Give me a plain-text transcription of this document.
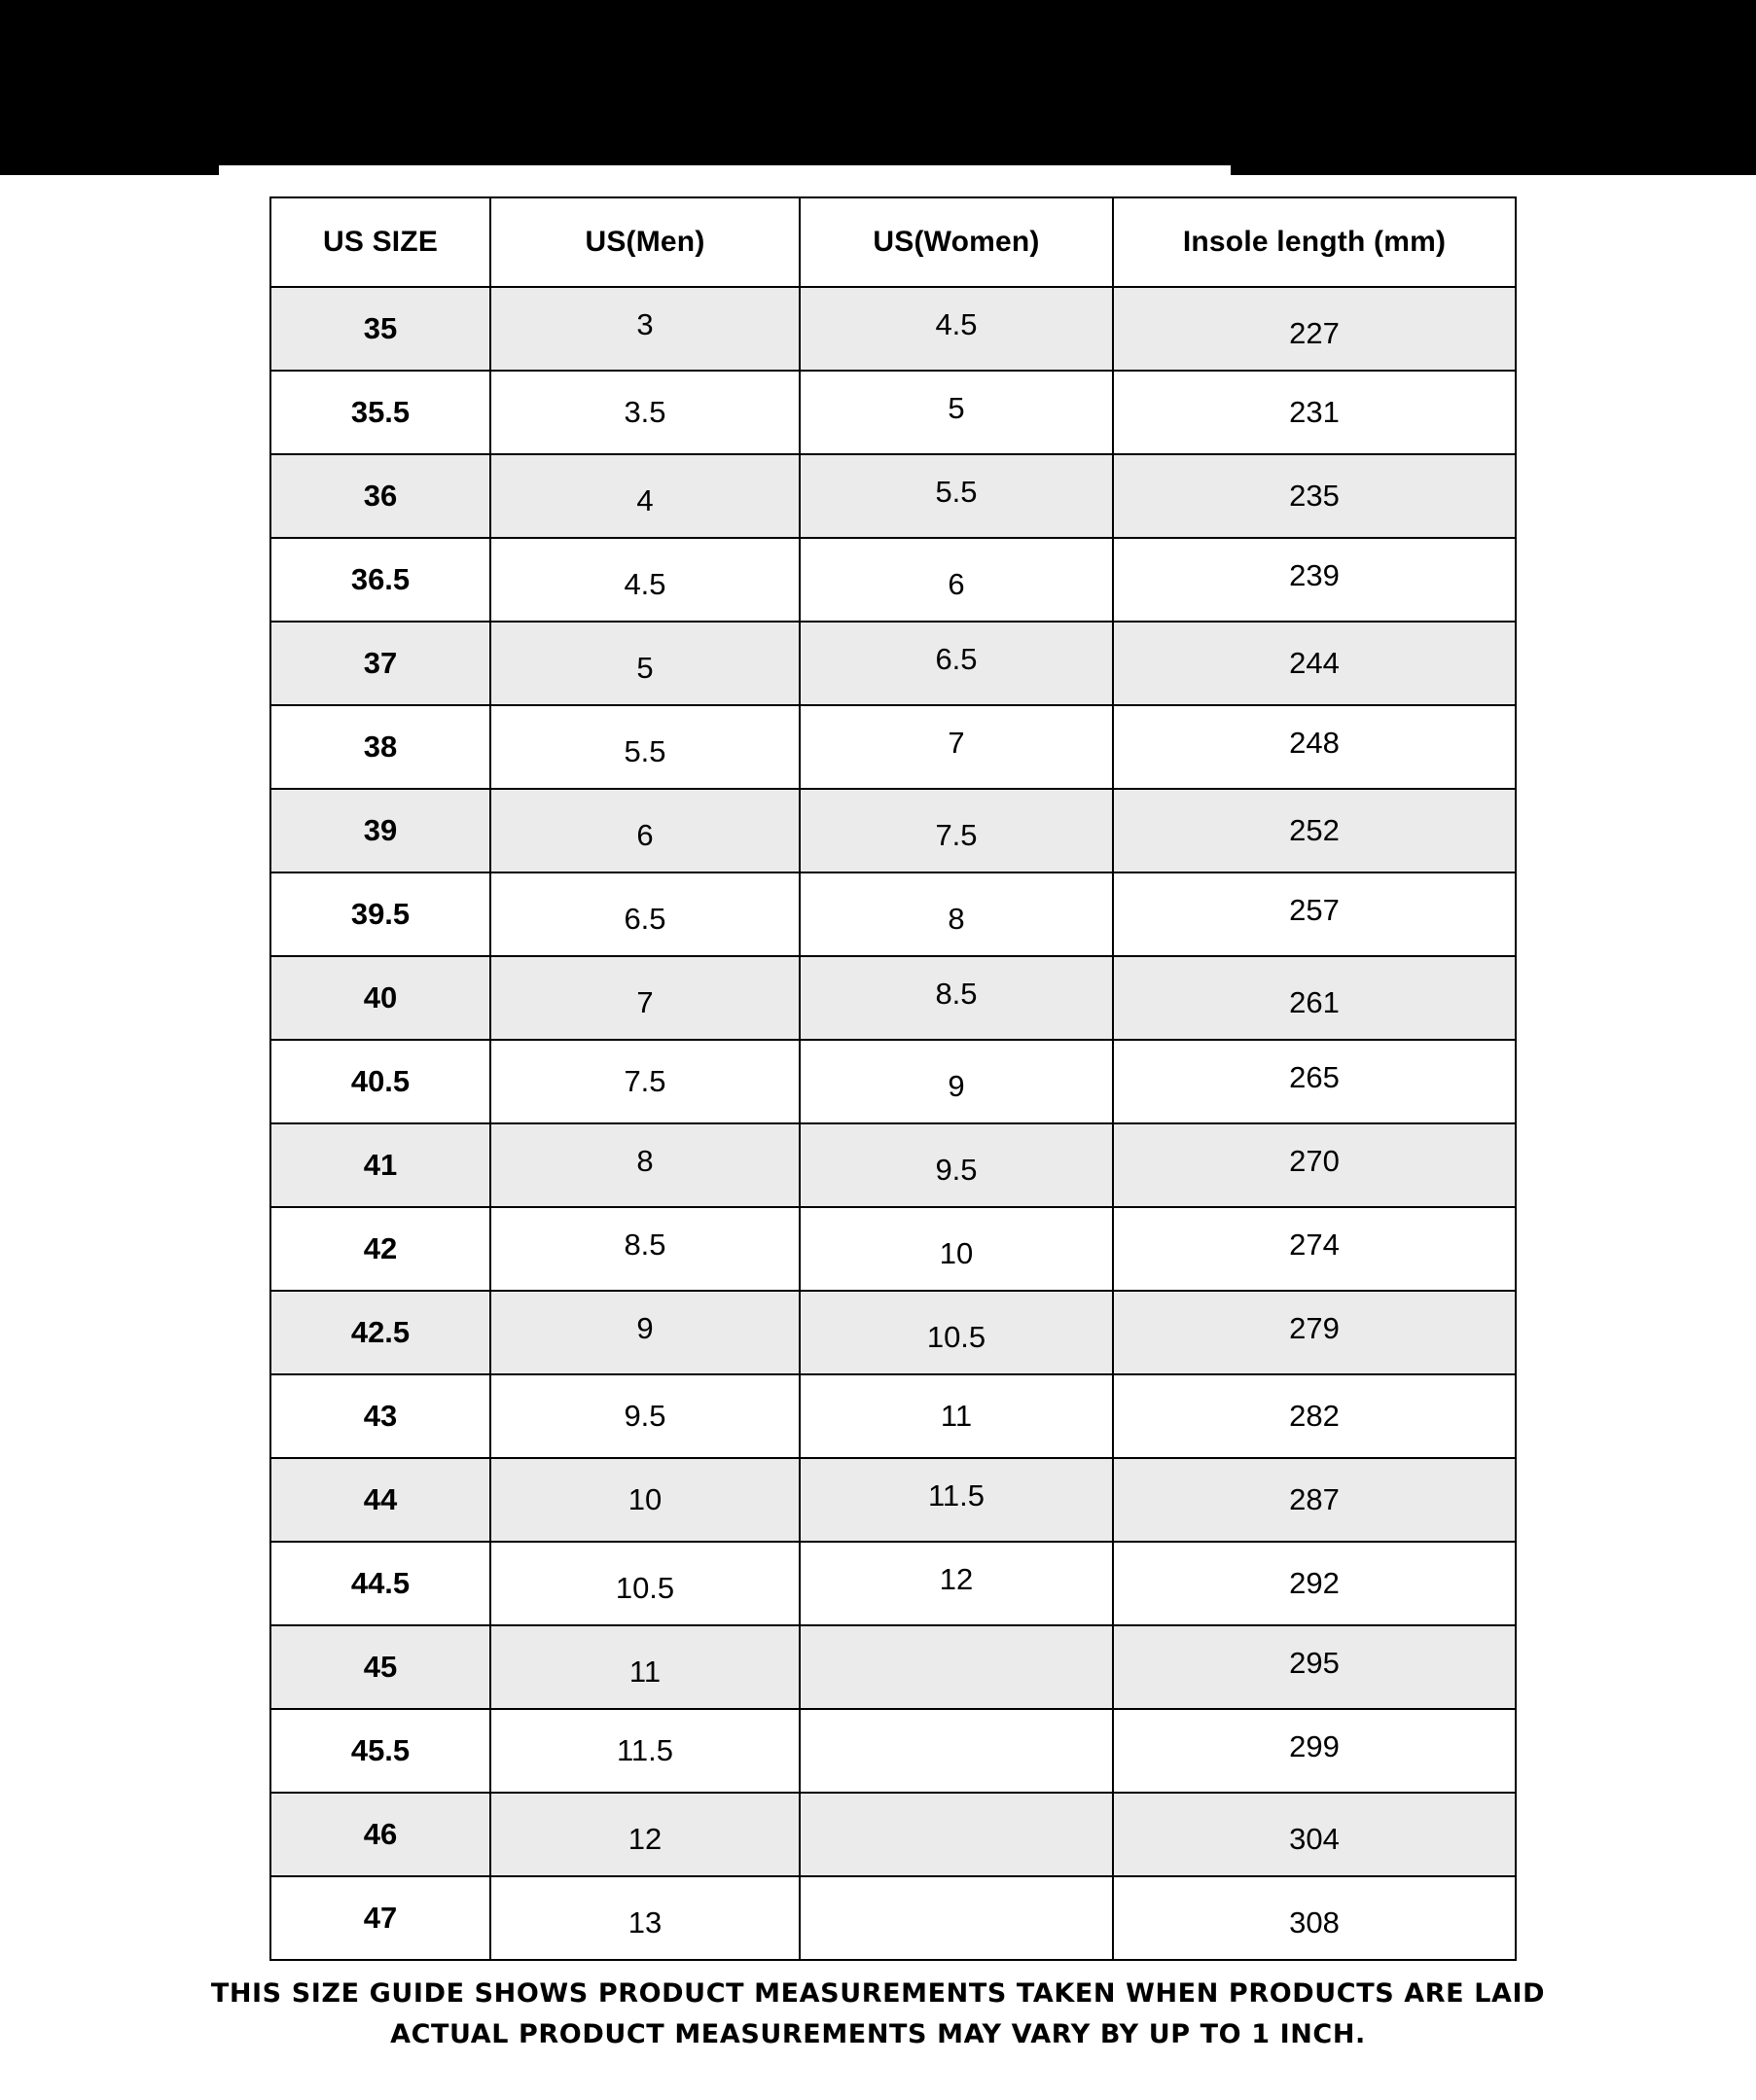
US SIZE	US(Men)	US(Women)	Insole length (mm)
35	3	4.5	227
35.5	3.5	5	231
36	4	5.5	235
36.5	4.5	6	239
37	5	6.5	244
38	5.5	7	248
39	6	7.5	252
39.5	6.5	8	257
40	7	8.5	261
40.5	7.5	9	265
41	8	9.5	270
42	8.5	10	274
42.5	9	10.5	279
43	9.5	11	282
44	10	11.5	287
44.5	10.5	12	292
45	11		295
45.5	11.5		299
46	12		304
47	13		308
THIS SIZE GUIDE SHOWS PRODUCT MEASUREMENTS TAKEN WHEN PRODUCTS ARE LAID
ACTUAL PRODUCT MEASUREMENTS MAY VARY BY UP TO 1 INCH.
